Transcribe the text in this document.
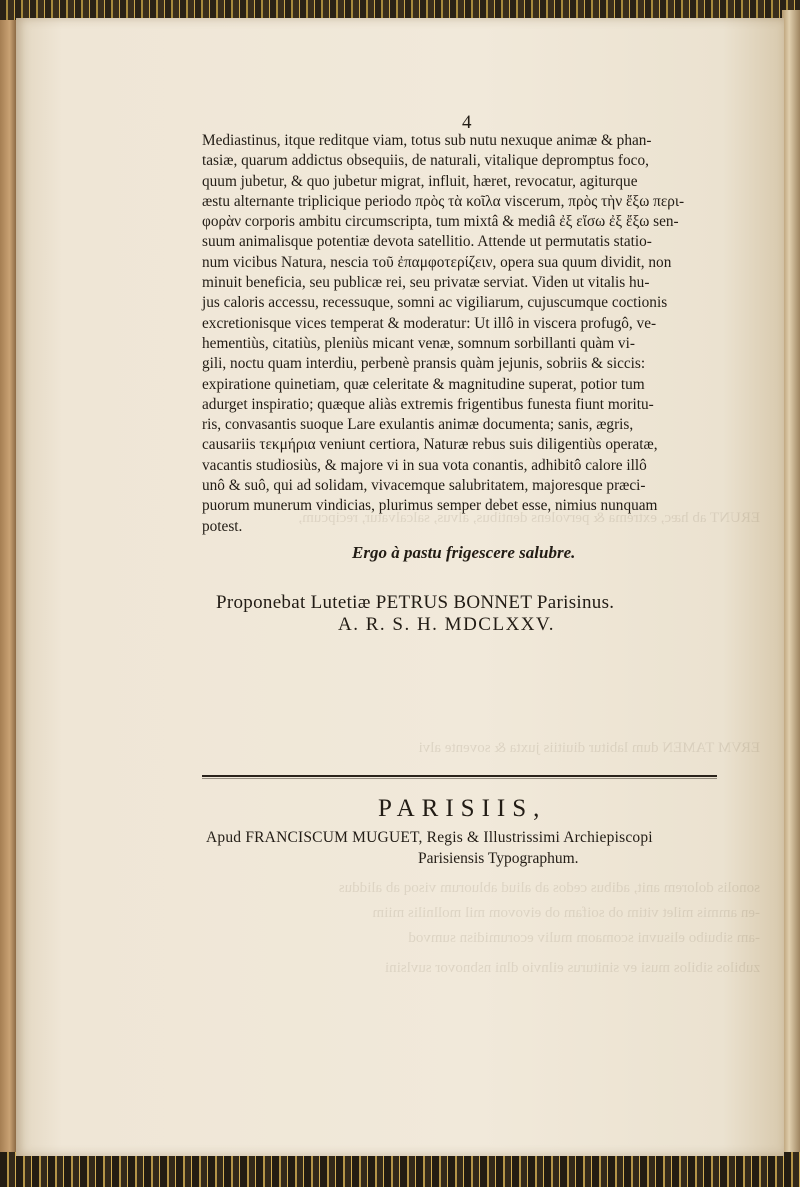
ERUNT ab hæc, extrema & pervolens dentibus, alvus, salcalvatur, recipcum,
ERVM TAMEN dum labitur diuitiis juxta & sovente alvi
sonolis dolorem anit, adibus cedos ab aliud abluorum visoq ab aliddus
-en ammis milet vitim ob soifam ob eivovom mil mollnilis miim
-am sibuibo elisuvni scomaom muliv ecorumidisn sumvod
zubilos sibilos musi ev siniturus eilnvio dlni nsbnovor suvlsini
4
Mediastinus, itque reditque viam, totus sub nutu nexuque animæ & phan-
tasiæ, quarum addictus obsequiis, de naturali, vitalique depromptus foco,
quum jubetur, & quo jubetur migrat, influit, hæret, revocatur, agiturque
æstu alternante triplicique periodo πρὸς τὰ κοῖλα viscerum, πρὸς τὴν ἔξω περι-
φορὰν corporis ambitu circumscripta, tum mixtâ & mediâ ἐξ εἴσω ἐξ ἔξω sen-
suum animalisque potentiæ devota satellitio. Attende ut permutatis statio-
num vicibus Natura, nescia τοῦ ἐπαμφοτερίζειν, opera sua quum dividit, non
minuit beneficia, seu publicæ rei, seu privatæ serviat. Viden ut vitalis hu-
jus caloris accessu, recessuque, somni ac vigiliarum, cujuscumque coctionis
excretionisque vices temperat & moderatur: Ut illô in viscera profugô, ve-
hementiùs, citatiùs, pleniùs micant venæ, somnum sorbillanti quàm vi-
gili, noctu quam interdiu, perbenè pransis quàm jejunis, sobriis & siccis:
expiratione quinetiam, quæ celeritate & magnitudine superat, potior tum
adurget inspiratio; quæque aliàs extremis frigentibus funesta fiunt moritu-
ris, convasantis suoque Lare exulantis animæ documenta; sanis, ægris,
causariis τεκμήρια veniunt certiora, Naturæ rebus suis diligentiùs operatæ,
vacantis studiosiùs, & majore vi in sua vota conantis, adhibitô calore illô
unô & suô, qui ad solidam, vivacemque salubritatem, majoresque præci-
puorum munerum vindicias, plurimus semper debet esse, nimius nunquam
potest.
Ergo à pastu frigescere salubre.
Proponebat Lutetiæ PETRUS BONNET Parisinus.
A. R. S. H. MDCLXXV.
PARISIIS,
Apud FRANCISCUM MUGUET, Regis & Illustrissimi Archiepiscopi
Parisiensis Typographum.
